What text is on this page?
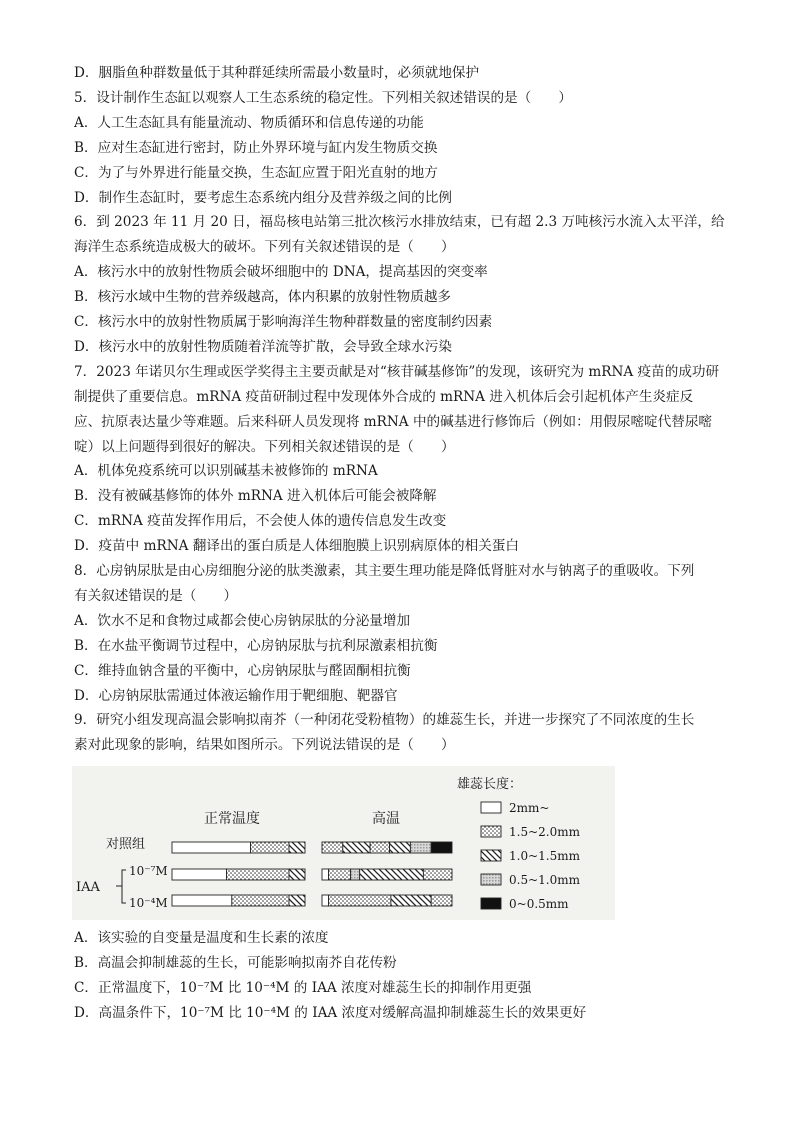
D．胭脂鱼种群数量低于其种群延续所需最小数量时，必须就地保护
5．设计制作生态缸以观察人工生态系统的稳定性。下列相关叙述错误的是（　　）
A．人工生态缸具有能量流动、物质循环和信息传递的功能
B．应对生态缸进行密封，防止外界环境与缸内发生物质交换
C．为了与外界进行能量交换，生态缸应置于阳光直射的地方
D．制作生态缸时，要考虑生态系统内组分及营养级之间的比例
6．到 2023 年 11 月 20 日，福岛核电站第三批次核污水排放结束，已有超 2.3 万吨核污水流入太平洋，给
海洋生态系统造成极大的破坏。下列有关叙述错误的是（　　）
A．核污水中的放射性物质会破坏细胞中的 DNA，提高基因的突变率
B．核污水域中生物的营养级越高，体内积累的放射性物质越多
C．核污水中的放射性物质属于影响海洋生物种群数量的密度制约因素
D．核污水中的放射性物质随着洋流等扩散，会导致全球水污染
7．2023 年诺贝尔生理或医学奖得主主要贡献是对“核苷碱基修饰”的发现，该研究为 mRNA 疫苗的成功研
制提供了重要信息。mRNA 疫苗研制过程中发现体外合成的 mRNA 进入机体后会引起机体产生炎症反
应、抗原表达量少等难题。后来科研人员发现将 mRNA 中的碱基进行修饰后（例如：用假尿嘧啶代替尿嘧
啶）以上问题得到很好的解决。下列相关叙述错误的是（　　）
A．机体免疫系统可以识别碱基未被修饰的 mRNA
B．没有被碱基修饰的体外 mRNA 进入机体后可能会被降解
C．mRNA 疫苗发挥作用后，不会使人体的遗传信息发生改变
D．疫苗中 mRNA 翻译出的蛋白质是人体细胞膜上识别病原体的相关蛋白
8．心房钠尿肽是由心房细胞分泌的肽类激素，其主要生理功能是降低肾脏对水与钠离子的重吸收。下列
有关叙述错误的是（　　）
A．饮水不足和食物过咸都会使心房钠尿肽的分泌量增加
B．在水盐平衡调节过程中，心房钠尿肽与抗利尿激素相抗衡
C．维持血钠含量的平衡中，心房钠尿肽与醛固酮相抗衡
D．心房钠尿肽需通过体液运输作用于靶细胞、靶器官
9．研究小组发现高温会影响拟南芥（一种闭花受粉植物）的雄蕊生长，并进一步探究了不同浓度的生长
素对此现象的影响，结果如图所示。下列说法错误的是（　　）
正常温度	高温
对照组
IAA
10⁻⁷M
10⁻⁴M
雄蕊长度：
2mm~
1.5~2.0mm
1.0~1.5mm
0.5~1.0mm
0~0.5mm
A．该实验的自变量是温度和生长素的浓度
B．高温会抑制雄蕊的生长，可能影响拟南芥自花传粉
C．正常温度下，10⁻⁷M 比 10⁻⁴M 的 IAA 浓度对雄蕊生长的抑制作用更强
D．高温条件下，10⁻⁷M 比 10⁻⁴M 的 IAA 浓度对缓解高温抑制雄蕊生长的效果更好
